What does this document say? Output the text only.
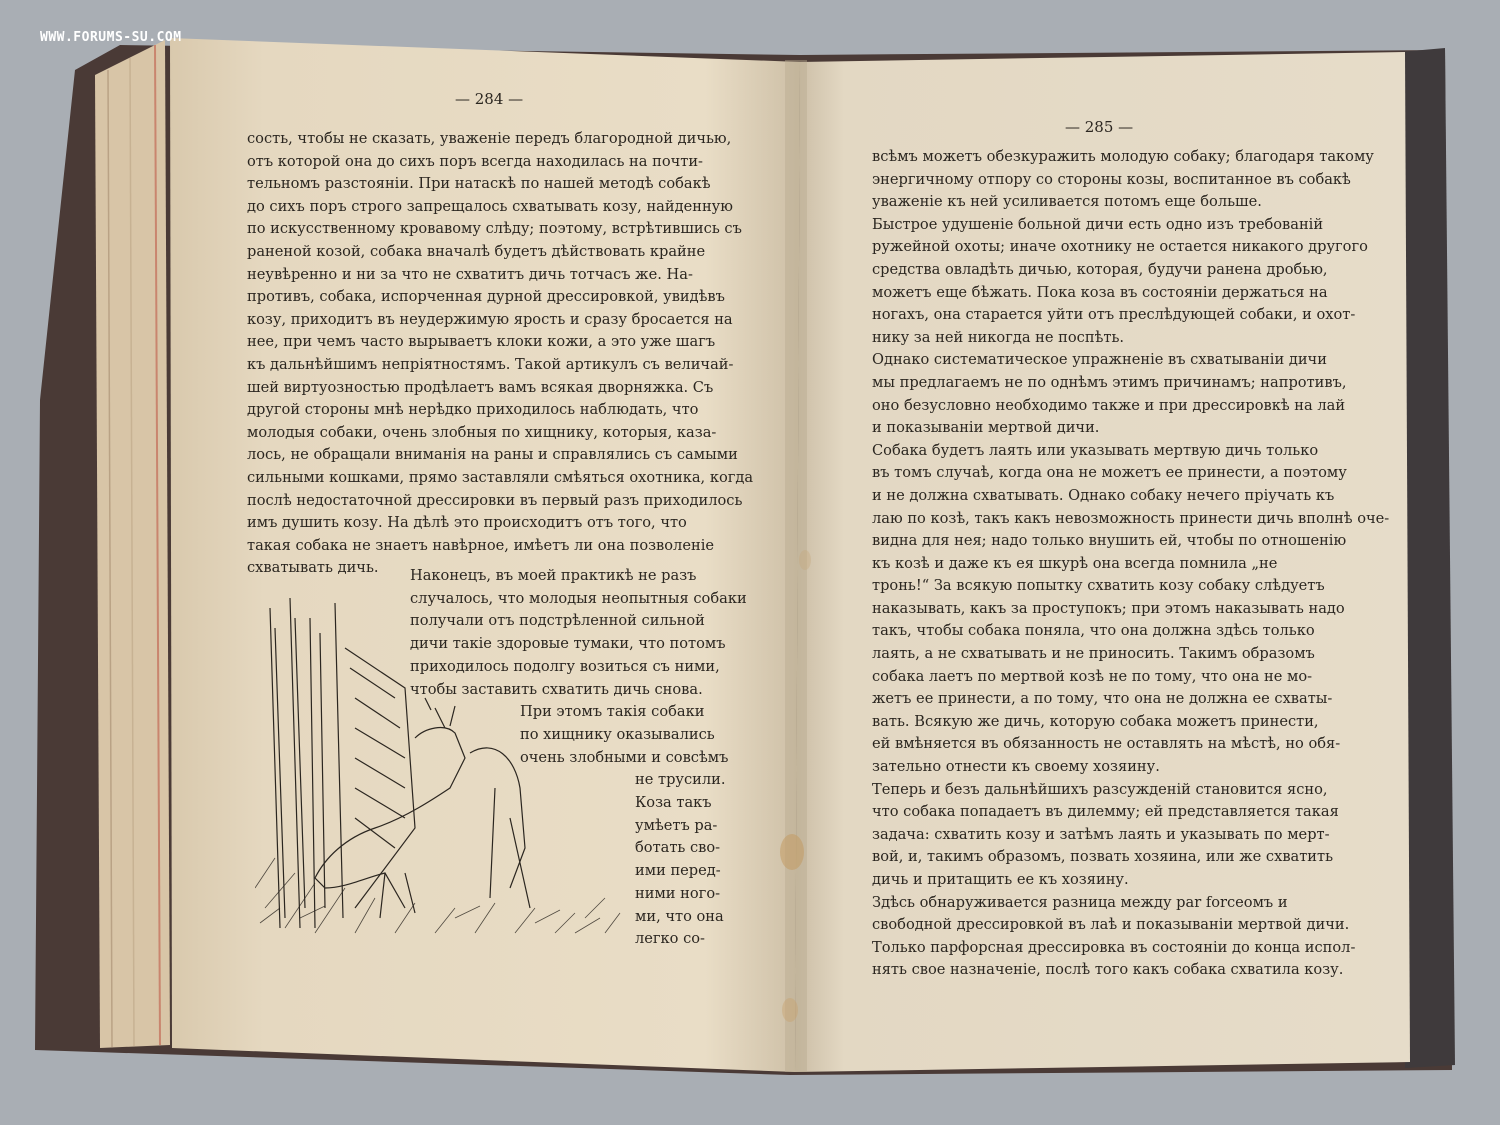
WWW.FORUMS-SU.COM
— 284 —
— 285 —
сость, чтобы не сказать, уваженіе передъ благородной дичью,
отъ которой она до сихъ поръ всегда находилась на почти-
тельномъ разстояніи. При натаскѣ по нашей методѣ собакѣ
до сихъ поръ строго запрещалось схватывать козу, найденную
по искусственному кровавому слѣду; поэтому, встрѣтившись съ
раненой козой, собака вначалѣ будетъ дѣйствовать крайне
неувѣренно и ни за что не схватитъ дичь тотчасъ же. На-
противъ, собака, испорченная дурной дрессировкой, увидѣвъ
козу, приходитъ въ неудержимую ярость и сразу бросается на
нее, при чемъ часто вырываетъ клоки кожи, а это уже шагъ
къ дальнѣйшимъ непріятностямъ. Такой артикулъ съ величай-
шей виртуозностью продѣлаетъ вамъ всякая дворняжка. Съ
другой стороны мнѣ нерѣдко приходилось наблюдать, что
молодыя собаки, очень злобныя по хищнику, которыя, каза-
лось, не обращали вниманія на раны и справлялись съ самыми
сильными кошками, прямо заставляли смѣяться охотника, когда
послѣ недостаточной дрессировки въ первый разъ приходилось
имъ душить козу. На дѣлѣ это происходитъ отъ того, что
такая собака не знаетъ навѣрное, имѣетъ ли она позволеніе
схватывать дичь.	Наконецъ, въ моей практикѣ не разъ
случалось, что молодыя неопытныя собаки
получали отъ подстрѣленной сильной
дичи такіе здоровые тумаки, что потомъ
приходилось подолгу возиться съ ними,
чтобы заставить схватить дичь снова.
При этомъ такія собаки
по хищнику оказывались
очень злобными и совсѣмъ
не трусили.
Коза такъ
умѣетъ ра-
ботать сво-
ими перед-
ними ного-
ми, что она
легко со-
всѣмъ можетъ обезкуражить молодую собаку; благодаря такому
энергичному отпору со стороны козы, воспитанное въ собакѣ
уваженіе къ ней усиливается потомъ еще больше.
Быстрое удушеніе больной дичи есть одно изъ требованій
ружейной охоты; иначе охотнику не остается никакого другого
средства овладѣть дичью, которая, будучи ранена дробью,
можетъ еще бѣжать. Пока коза въ состояніи держаться на
ногахъ, она старается уйти отъ преслѣдующей собаки, и охот-
нику за ней никогда не поспѣть.
Однако систематическое упражненіе въ схватываніи дичи
мы предлагаемъ не по однѣмъ этимъ причинамъ; напротивъ,
оно безусловно необходимо также и при дрессировкѣ на лай
и показываніи мертвой дичи.
Собака будетъ лаять или указывать мертвую дичь только
въ томъ случаѣ, когда она не можетъ ее принести, а поэтому
и не должна схватывать. Однако собаку нечего пріучать къ
лаю по козѣ, такъ какъ невозможность принести дичь вполнѣ оче-
видна для нея; надо только внушить ей, чтобы по отношенію
къ козѣ и даже къ ея шкурѣ она всегда помнила „не
тронь!“ За всякую попытку схватить козу собаку слѣдуетъ
наказывать, какъ за проступокъ; при этомъ наказывать надо
такъ, чтобы собака поняла, что она должна здѣсь только
лаять, а не схватывать и не приносить. Такимъ образомъ
собака лаетъ по мертвой козѣ не по тому, что она не мо-
жетъ ее принести, а по тому, что она не должна ее схваты-
вать. Всякую же дичь, которую собака можетъ принести,
ей вмѣняется въ обязанность не оставлять на мѣстѣ, но обя-
зательно отнести къ своему хозяину.
Теперь и безъ дальнѣйшихъ разсужденій становится ясно,
что собака попадаетъ въ дилемму; ей представляется такая
задача: схватить козу и затѣмъ лаять и указывать по мерт-
вой, и, такимъ образомъ, позвать хозяина, или же схватить
дичь и притащить ее къ хозяину.
Здѣсь обнаруживается разница между par forceомъ и
свободной дрессировкой въ лаѣ и показываніи мертвой дичи.
Только парфорсная дрессировка въ состояніи до конца испол-
нять свое назначеніе, послѣ того какъ собака схватила козу.
